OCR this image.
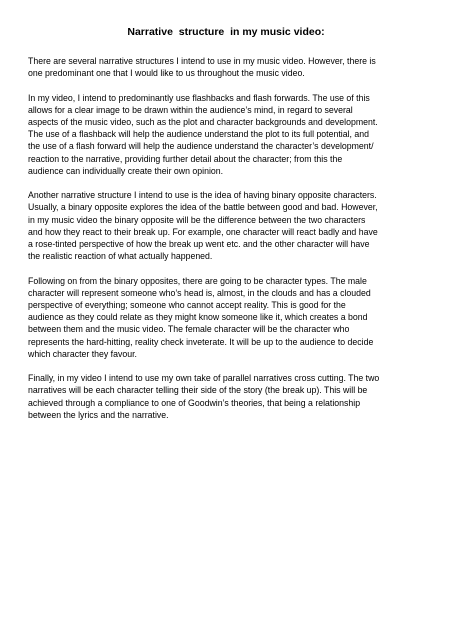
Narrative  structure  in my music video:

There are several narrative structures I intend to use in my music video. However, there is
one predominant one that I would like to us throughout the music video.

In my video, I intend to predominantly use flashbacks and flash forwards. The use of this
allows for a clear image to be drawn within the audience’s mind, in regard to several
aspects of the music video, such as the plot and character backgrounds and development.
The use of a flashback will help the audience understand the plot to its full potential, and
the use of a flash forward will help the audience understand the character’s development/
reaction to the narrative, providing further detail about the character; from this the
audience can individually create their own opinion.

Another narrative structure I intend to use is the idea of having binary opposite characters.
Usually, a binary opposite explores the idea of the battle between good and bad. However,
in my music video the binary opposite will be the difference between the two characters
and how they react to their break up. For example, one character will react badly and have
a rose-tinted perspective of how the break up went etc. and the other character will have
the realistic reaction of what actually happened.

Following on from the binary opposites, there are going to be character types. The male
character will represent someone who’s head is, almost, in the clouds and has a clouded
perspective of everything; someone who cannot accept reality. This is good for the
audience as they could relate as they might know someone like it, which creates a bond
between them and the music video. The female character will be the character who
represents the hard-hitting, reality check inveterate. It will be up to the audience to decide
which character they favour.

Finally, in my video I intend to use my own take of parallel narratives cross cutting. The two
narratives will be each character telling their side of the story (the break up). This will be
achieved through a compliance to one of Goodwin’s theories, that being a relationship
between the lyrics and the narrative.
